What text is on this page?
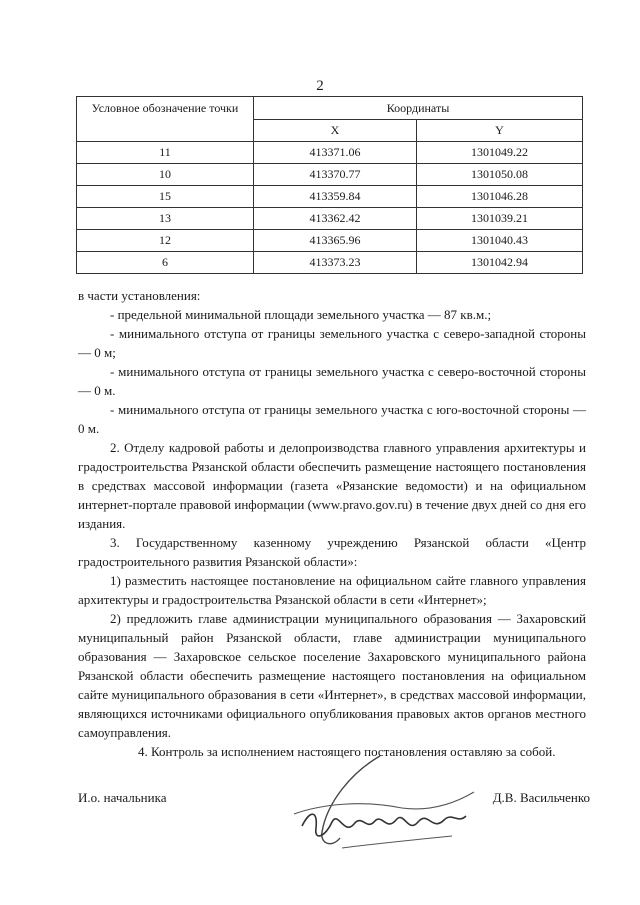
2
Условное обозначение точки	Координаты	
	X	Y
11	413371.06	1301049.22
10	413370.77	1301050.08
15	413359.84	1301046.28
13	413362.42	1301039.21
12	413365.96	1301040.43
6	413373.23	1301042.94

в части установления:

- предельной минимальной площади земельного участка — 87 кв.м.;

- минимального отступа от границы земельного участка с северо-западной стороны — 0 м;

- минимального отступа от границы земельного участка с северо-восточной стороны — 0 м.

- минимального отступа от границы земельного участка с юго-восточной стороны — 0 м.

2. Отделу кадровой работы и делопроизводства главного управления архитектуры и градостроительства Рязанской области обеспечить размещение настоящего постановления в средствах массовой информации (газета «Рязанские ведомости) и на официальном интернет-портале правовой информации (www.pravo.gov.ru) в течение двух дней со дня его издания.

3. Государственному казенному учреждению Рязанской области «Центр градостроительного развития Рязанской области»:

1) разместить настоящее постановление на официальном сайте главного управления архитектуры и градостроительства Рязанской области в сети «Интернет»;

2) предложить главе администрации муниципального образования — Захаровский муниципальный район Рязанской области, главе администрации муниципального образования — Захаровское сельское поселение Захаровского муниципального района Рязанской области обеспечить размещение настоящего постановления на официальном сайте муниципального образования в сети «Интернет», в средствах массовой информации, являющихся источниками официального опубликования правовых актов органов местного самоуправления.

4. Контроль за исполнением настоящего постановления оставляю за собой.

И.о. начальника	Д.В. Васильченко
